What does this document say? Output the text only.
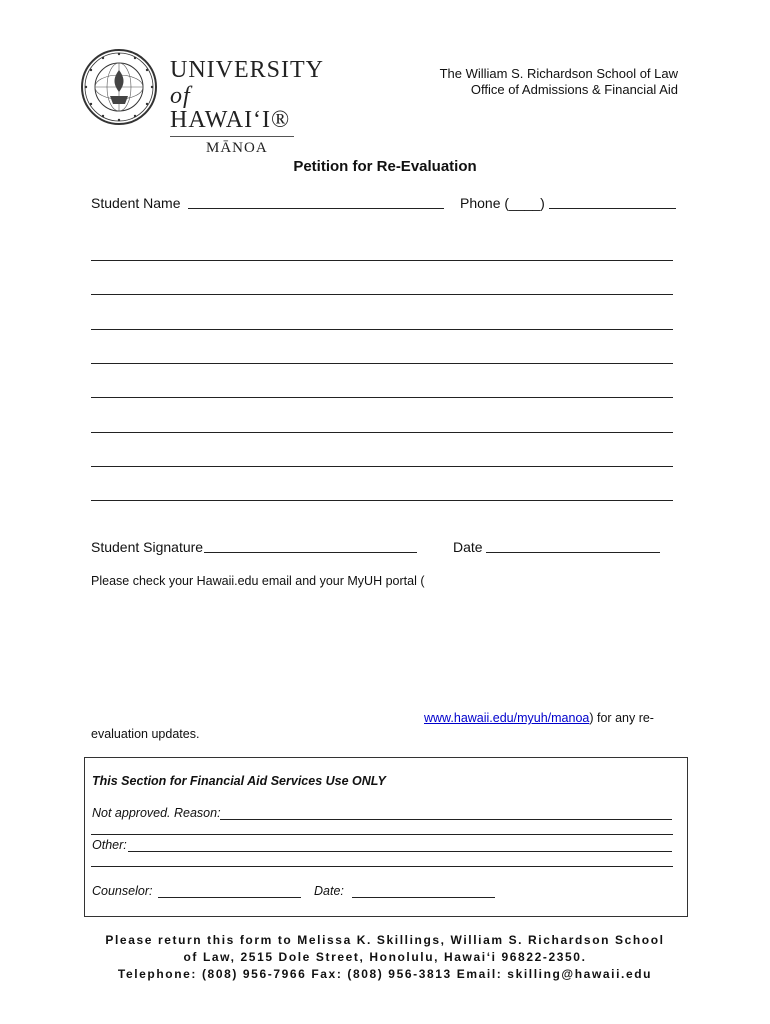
UNIVERSITY
of HAWAIʻI®
MĀNOA
The William S. Richardson School of Law
Office of Admissions & Financial Aid
Petition for Re-Evaluation
Student Name	Phone (____)
Student Signature	Date
Please check your Hawaii.edu email and your MyUH portal (
www.hawaii.edu/myuh/manoa) for any re-
evaluation updates.
This Section for Financial Aid Services Use ONLY
Not approved. Reason:
Other:
Counselor:	Date:
Please return this form to Melissa K. Skillings, William S. Richardson School
of Law, 2515 Dole Street, Honolulu, Hawaiʻi 96822-2350.
Telephone: (808) 956-7966 Fax: (808) 956-3813 Email: skilling@hawaii.edu
